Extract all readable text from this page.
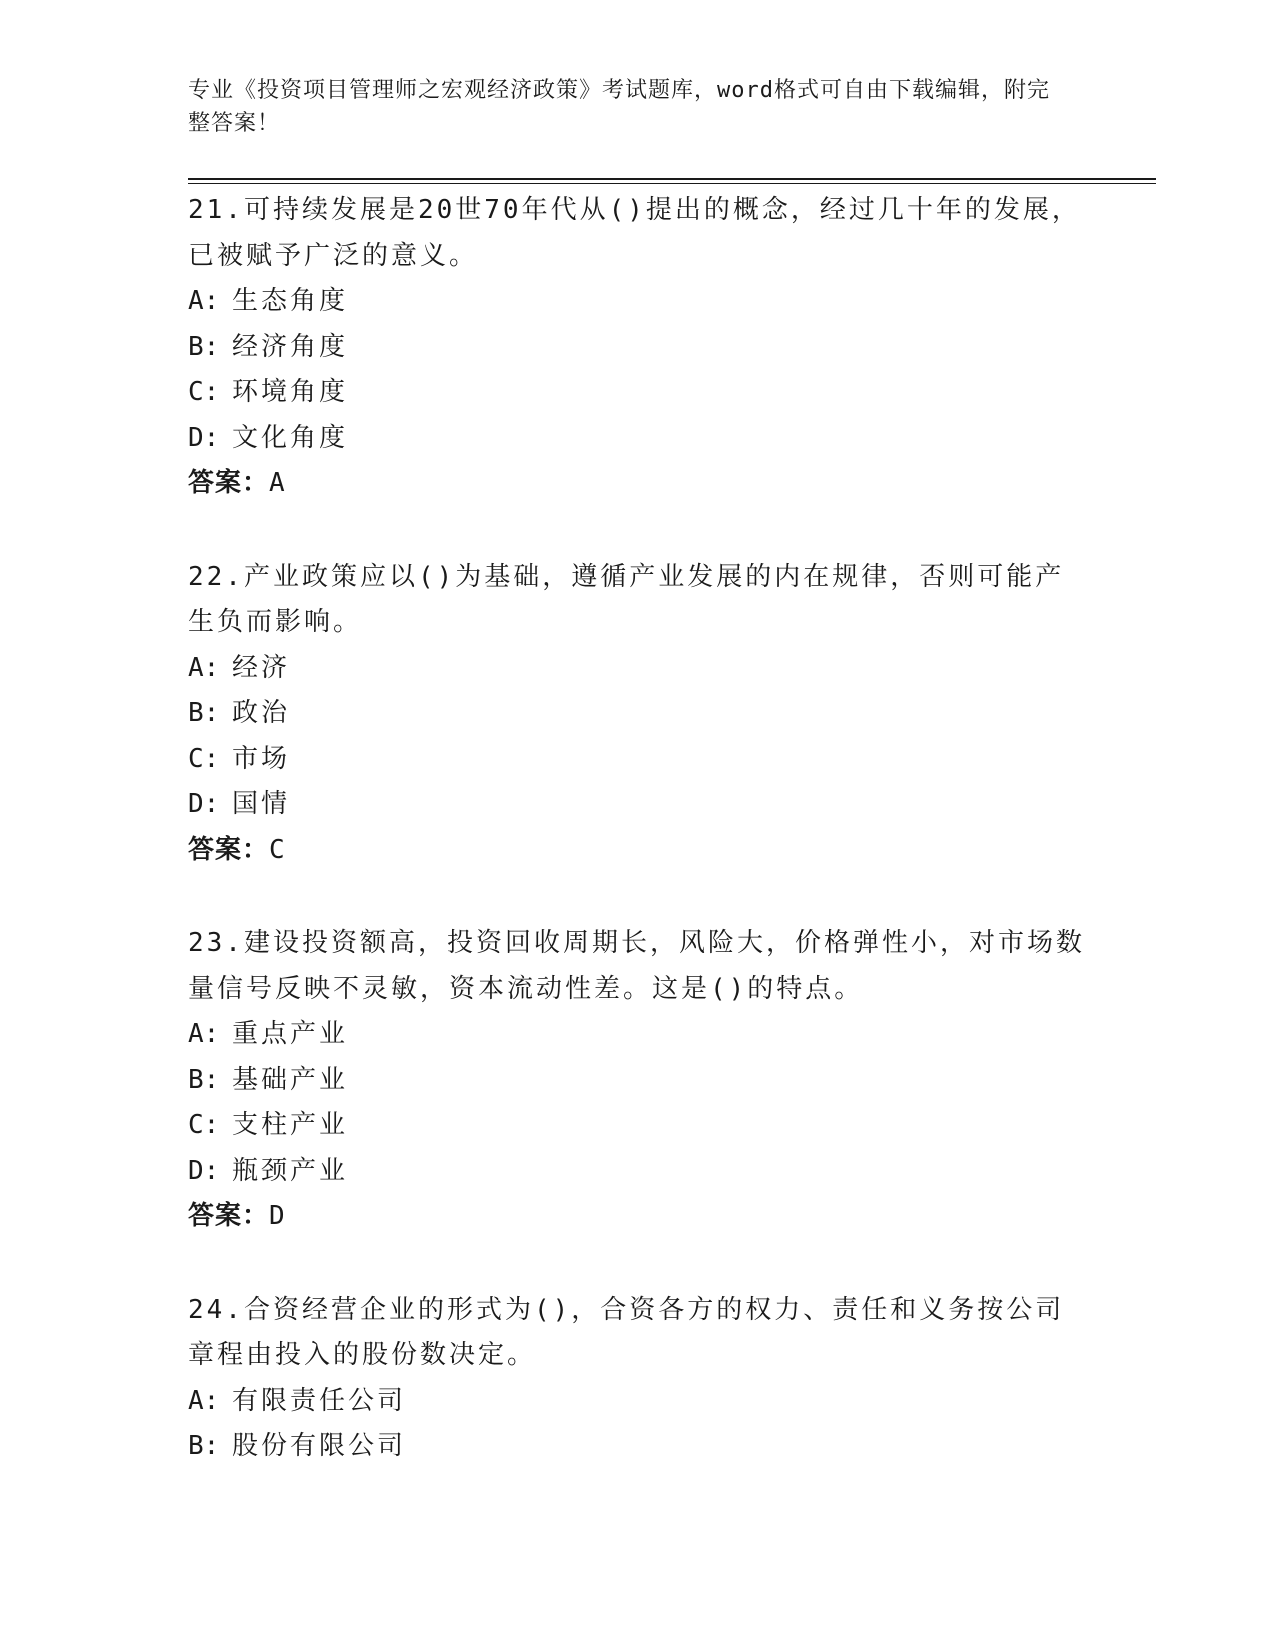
专业《投资项目管理师之宏观经济政策》考试题库，word格式可自由下载编辑，附完整答案！

21.可持续发展是20世70年代从()提出的概念，经过几十年的发展，已被赋予广泛的意义。

A: 生态角度
B: 经济角度
C: 环境角度
D: 文化角度

答案：A

22.产业政策应以()为基础，遵循产业发展的内在规律，否则可能产生负而影响。

A: 经济
B: 政治
C: 市场
D: 国情

答案：C

23.建设投资额高，投资回收周期长，风险大，价格弹性小，对市场数量信号反映不灵敏，资本流动性差。这是()的特点。

A: 重点产业
B: 基础产业
C: 支柱产业
D: 瓶颈产业

答案：D

24.合资经营企业的形式为()，合资各方的权力、责任和义务按公司章程由投入的股份数决定。

A: 有限责任公司
B: 股份有限公司
